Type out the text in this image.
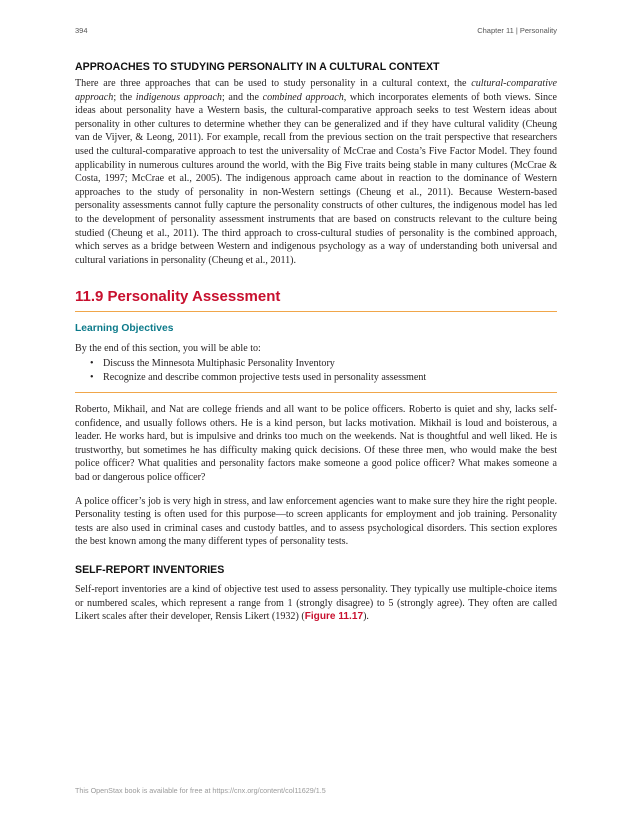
394	Chapter 11 | Personality
APPROACHES TO STUDYING PERSONALITY IN A CULTURAL CONTEXT

There are three approaches that can be used to study personality in a cultural context, the cultural-comparative approach; the indigenous approach; and the combined approach, which incorporates elements of both views. Since ideas about personality have a Western basis, the cultural-comparative approach seeks to test Western ideas about personality in other cultures to determine whether they can be generalized and if they have cultural validity (Cheung van de Vijver, & Leong, 2011). For example, recall from the previous section on the trait perspective that researchers used the cultural-comparative approach to test the universality of McCrae and Costa’s Five Factor Model. They found applicability in numerous cultures around the world, with the Big Five traits being stable in many cultures (McCrae & Costa, 1997; McCrae et al., 2005). The indigenous approach came about in reaction to the dominance of Western approaches to the study of personality in non-Western settings (Cheung et al., 2011). Because Western-based personality assessments cannot fully capture the personality constructs of other cultures, the indigenous model has led to the development of personality assessment instruments that are based on constructs relevant to the culture being studied (Cheung et al., 2011). The third approach to cross-cultural studies of personality is the combined approach, which serves as a bridge between Western and indigenous psychology as a way of understanding both universal and cultural variations in personality (Cheung et al., 2011).

11.9 Personality Assessment
Learning Objectives

By the end of this section, you will be able to:

• Discuss the Minnesota Multiphasic Personality Inventory
• Recognize and describe common projective tests used in personality assessment

Roberto, Mikhail, and Nat are college friends and all want to be police officers. Roberto is quiet and shy, lacks self-confidence, and usually follows others. He is a kind person, but lacks motivation. Mikhail is loud and boisterous, a leader. He works hard, but is impulsive and drinks too much on the weekends. Nat is thoughtful and well liked. He is trustworthy, but sometimes he has difficulty making quick decisions. Of these three men, who would make the best police officer? What qualities and personality factors make someone a good police officer? What makes someone a bad or dangerous police officer?

A police officer’s job is very high in stress, and law enforcement agencies want to make sure they hire the right people. Personality testing is often used for this purpose—to screen applicants for employment and job training. Personality tests are also used in criminal cases and custody battles, and to assess psychological disorders. This section explores the best known among the many different types of personality tests.

SELF-REPORT INVENTORIES

Self-report inventories are a kind of objective test used to assess personality. They typically use multiple-choice items or numbered scales, which represent a range from 1 (strongly disagree) to 5 (strongly agree). They often are called Likert scales after their developer, Rensis Likert (1932) (Figure 11.17).

This OpenStax book is available for free at https://cnx.org/content/col11629/1.5
